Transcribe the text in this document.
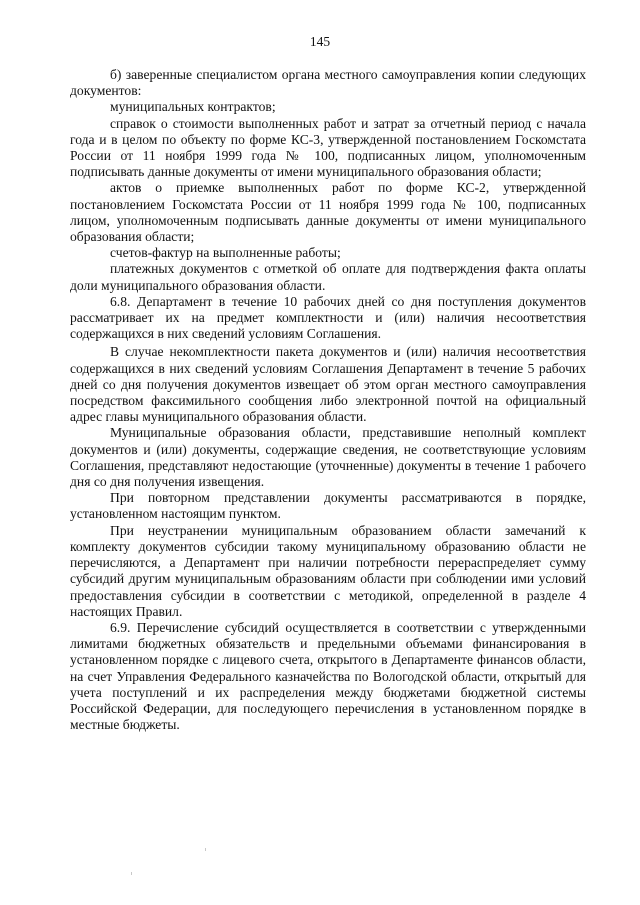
145

б) заверенные специалистом органа местного самоуправления копии следующих документов:

муниципальных контрактов;

справок о стоимости выполненных работ и затрат за отчетный период с начала года и в целом по объекту по форме КС-3, утвержденной постановлением Госкомстата России от 11 ноября 1999 года № 100, подписанных лицом, уполномоченным подписывать данные документы от имени муниципального образования области;

актов о приемке выполненных работ по форме КС-2, утвержденной постановлением Госкомстата России от 11 ноября 1999 года № 100, подписанных лицом, уполномоченным подписывать данные документы от имени муниципального образования области;

счетов-фактур на выполненные работы;

платежных документов с отметкой об оплате для подтверждения факта оплаты доли муниципального образования области.

6.8. Департамент в течение 10 рабочих дней со дня поступления документов рассматривает их на предмет комплектности и (или) наличия несоответствия содержащихся в них сведений условиям Соглашения.

В случае некомплектности пакета документов и (или) наличия несоответствия содержащихся в них сведений условиям Соглашения Департамент в течение 5 рабочих дней со дня получения документов извещает об этом орган местного самоуправления посредством факсимильного сообщения либо электронной почтой на официальный адрес главы муниципального образования области.

Муниципальные образования области, представившие неполный комплект документов и (или) документы, содержащие сведения, не соответствующие условиям Соглашения, представляют недостающие (уточненные) документы в течение 1 рабочего дня со дня получения извещения.

При повторном представлении документы рассматриваются в порядке, установленном настоящим пунктом.

При неустранении муниципальным образованием области замечаний к комплекту документов субсидии такому муниципальному образованию области не перечисляются, а Департамент при наличии потребности перераспределяет сумму субсидий другим муниципальным образованиям области при соблюдении ими условий предоставления субсидии в соответствии с методикой, определенной в разделе 4 настоящих Правил.

6.9. Перечисление субсидий осуществляется в соответствии с утвержденными лимитами бюджетных обязательств и предельными объемами финансирования в установленном порядке с лицевого счета, открытого в Департаменте финансов области, на счет Управления Федерального казначейства по Вологодской области, открытый для учета поступлений и их распределения между бюджетами бюджетной системы Российской Федерации, для последующего перечисления в установленном порядке в местные бюджеты.
